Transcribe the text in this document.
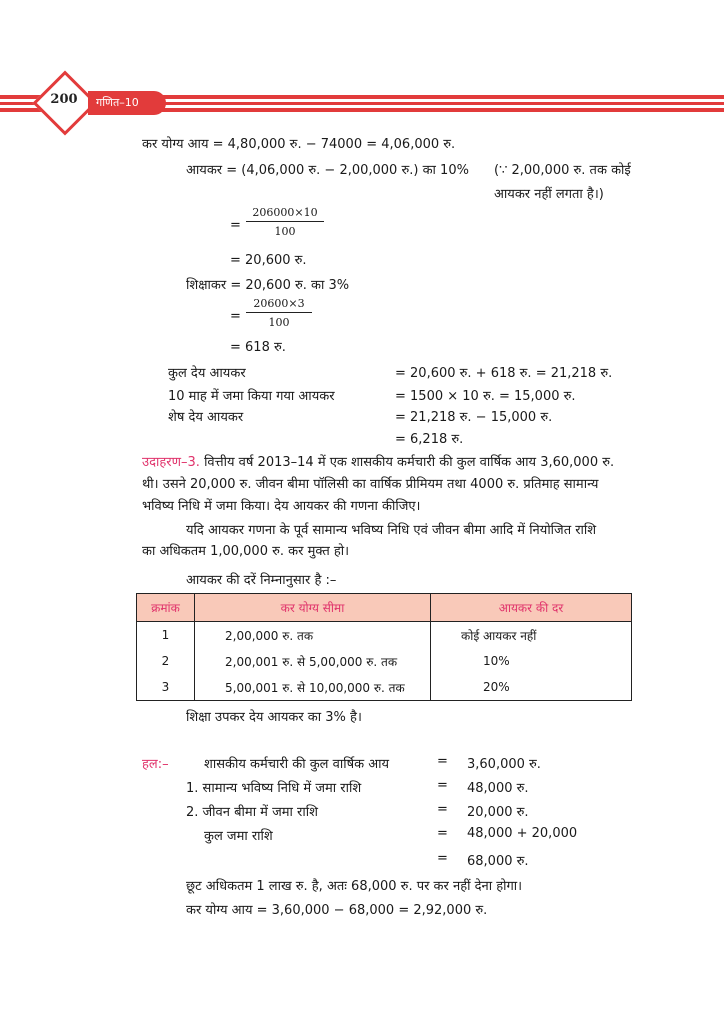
200	गणित–10
कर योग्य आय = 4,80,000 रु. − 74000 = 4,06,000 रु.
आयकर = (4,06,000 रु. − 2,00,000 रु.) का 10% (∵ 2,00,000 रु. तक कोई
आयकर नहीं लगता है।)
= $\frac{206000\times 10}{100}$
= 20,600 रु.
शिक्षाकर = 20,600 रु. का 3%
= $\frac{20600\times 3}{100}$
= 618 रु.
कुल देय आयकर	= 20,600 रु. + 618 रु. = 21,218 रु.
10 माह में जमा किया गया आयकर	= 1500 × 10 रु. = 15,000 रु.
शेष देय आयकर	= 21,218 रु. − 15,000 रु.
= 6,218 रु.
उदाहरण–3. वित्तीय वर्ष 2013–14 में एक शासकीय कर्मचारी की कुल वार्षिक आय 3,60,000 रु.
थी। उसने 20,000 रु. जीवन बीमा पॉलिसी का वार्षिक प्रीमियम तथा 4000 रु. प्रतिमाह सामान्य
भविष्य निधि में जमा किया। देय आयकर की गणना कीजिए।
यदि आयकर गणना के पूर्व सामान्य भविष्य निधि एवं जीवन बीमा आदि में नियोजित राशि
का अधिकतम 1,00,000 रु. कर मुक्त हो।
आयकर की दरें निम्नानुसार है :–
क्रमांक	कर योग्य सीमा	आयकर की दर
1	2,00,000 रु. तक	कोई आयकर नहीं
2	2,00,001 रु. से 5,00,000 रु. तक	10%
3	5,00,001 रु. से 10,00,000 रु. तक	20%
शिक्षा उपकर देय आयकर का 3% है।
हल:–	शासकीय कर्मचारी की कुल वार्षिक आय	= 3,60,000 रु.
1. सामान्य भविष्य निधि में जमा राशि	= 48,000 रु.
2. जीवन बीमा में जमा राशि	= 20,000 रु.
कुल जमा राशि	= 48,000 + 20,000
= 68,000 रु.
छूट अधिकतम 1 लाख रु. है, अतः 68,000 रु. पर कर नहीं देना होगा।
कर योग्य आय = 3,60,000 − 68,000 = 2,92,000 रु.
